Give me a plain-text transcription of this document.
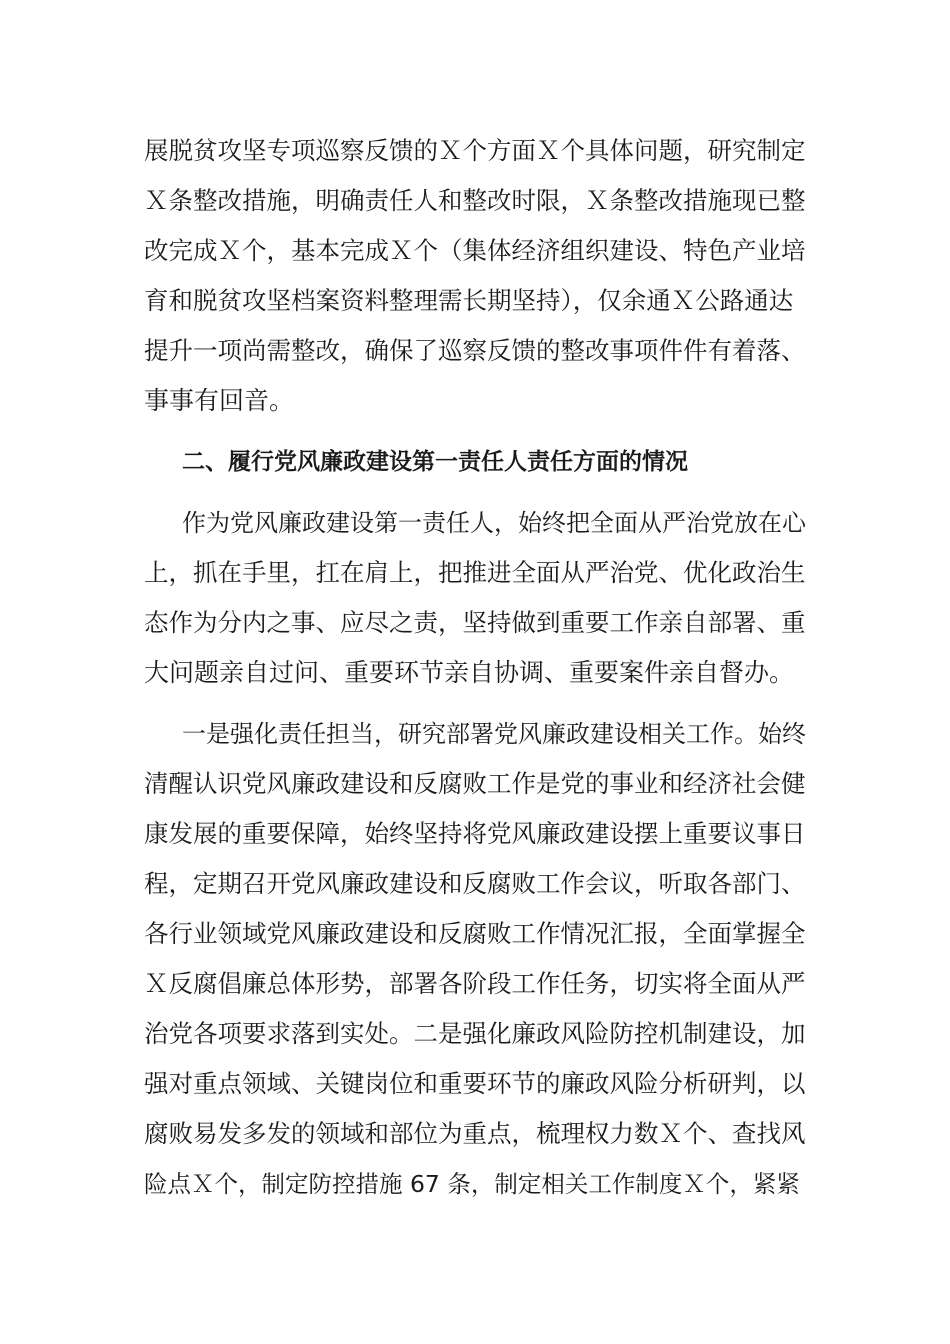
展脱贫攻坚专项巡察反馈的Ｘ个方面Ｘ个具体问题，研究制定
Ｘ条整改措施，明确责任人和整改时限，Ｘ条整改措施现已整
改完成Ｘ个，基本完成Ｘ个（集体经济组织建设、特色产业培
育和脱贫攻坚档案资料整理需长期坚持），仅余通Ｘ公路通达
提升一项尚需整改，确保了巡察反馈的整改事项件件有着落、
事事有回音。
二、履行党风廉政建设第一责任人责任方面的情况
作为党风廉政建设第一责任人，始终把全面从严治党放在心
上，抓在手里，扛在肩上，把推进全面从严治党、优化政治生
态作为分内之事、应尽之责，坚持做到重要工作亲自部署、重
大问题亲自过问、重要环节亲自协调、重要案件亲自督办。
一是强化责任担当，研究部署党风廉政建设相关工作。始终
清醒认识党风廉政建设和反腐败工作是党的事业和经济社会健
康发展的重要保障，始终坚持将党风廉政建设摆上重要议事日
程，定期召开党风廉政建设和反腐败工作会议，听取各部门、
各行业领域党风廉政建设和反腐败工作情况汇报，全面掌握全
Ｘ反腐倡廉总体形势，部署各阶段工作任务，切实将全面从严
治党各项要求落到实处。二是强化廉政风险防控机制建设，加
强对重点领域、关键岗位和重要环节的廉政风险分析研判，以
腐败易发多发的领域和部位为重点，梳理权力数Ｘ个、查找风
险点Ｘ个，制定防控措施 67 条，制定相关工作制度Ｘ个，紧紧
